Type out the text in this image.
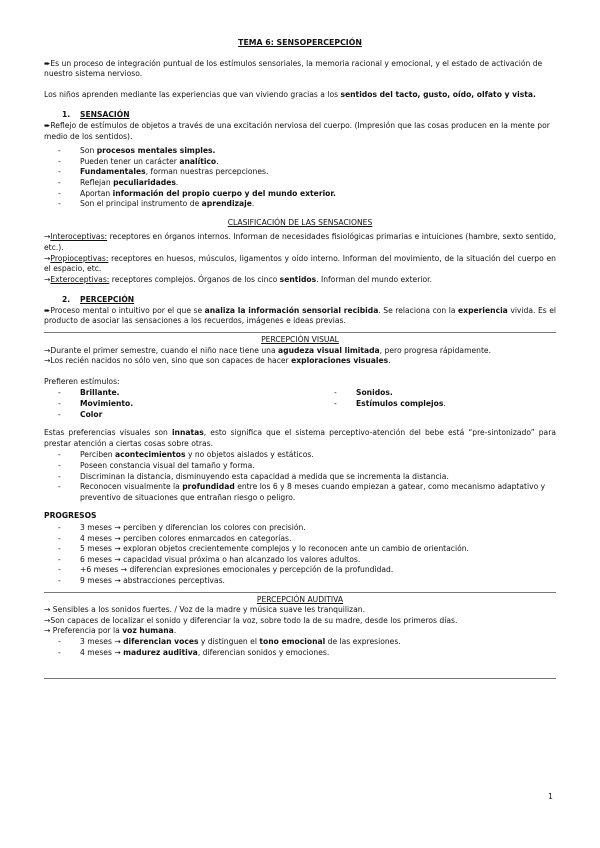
TEMA 6: SENSOPERCEPCIÓN

➨Es un proceso de integración puntual de los estímulos sensoriales, la memoria racional y emocional, y el estado de activación de nuestro sistema nervioso.

Los niños aprenden mediante las experiencias que van viviendo gracias a los sentidos del tacto, gusto, oído, olfato y vista.

1. SENSACIÓN

➨Reflejo de estímulos de objetos a través de una excitación nerviosa del cuerpo. (Impresión que las cosas producen en la mente por medio de los sentidos).

- Son procesos mentales simples.
- Pueden tener un carácter analítico.
- Fundamentales, forman nuestras percepciones.
- Reflejan peculiaridades.
- Aportan información del propio cuerpo y del mundo exterior.
- Son el principal instrumento de aprendizaje.

CLASIFICACIÓN DE LAS SENSACIONES

→Interoceptivas: receptores en órganos internos. Informan de necesidades fisiológicas primarias e intuiciones (hambre, sexto sentido, etc.).

→Propioceptivas: receptores en huesos, músculos, ligamentos y oído interno. Informan del movimiento, de la situación del cuerpo en el espacio, etc.

→Exteroceptivas: receptores complejos. Órganos de los cinco sentidos. Informan del mundo exterior.

2. PERCEPCIÓN

➨Proceso mental o intuitivo por el que se analiza la información sensorial recibida. Se relaciona con la experiencia vivida. Es el producto de asociar las sensaciones a los recuerdos, imágenes e ideas previas.

PERCEPCIÓN VISUAL

→Durante el primer semestre, cuando el niño nace tiene una agudeza visual limitada, pero progresa rápidamente.

→Los recién nacidos no sólo ven, sino que son capaces de hacer exploraciones visuales.

Prefieren estímulos:

- Brillante.
- Movimiento.
- Color
- Sonidos.
- Estímulos complejos.

Estas preferencias visuales son innatas, esto significa que el sistema perceptivo-atención del bebe está “pre-sintonizado” para prestar atención a ciertas cosas sobre otras.

- Perciben acontecimientos y no objetos aislados y estáticos.
- Poseen constancia visual del tamaño y forma.
- Discriminan la distancia, disminuyendo esta capacidad a medida que se incrementa la distancia.
- Reconocen visualmente la profundidad entre los 6 y 8 meses cuando empiezan a gatear, como mecanismo adaptativo y preventivo de situaciones que entrañan riesgo o peligro.

PROGRESOS

- 3 meses → perciben y diferencian los colores con precisión.
- 4 meses → perciben colores enmarcados en categorías.
- 5 meses → exploran objetos crecientemente complejos y lo reconocen ante un cambio de orientación.
- 6 meses → capacidad visual próxima o han alcanzado los valores adultos.
- +6 meses → diferencian expresiones emocionales y percepción de la profundidad.
- 9 meses → abstracciones perceptivas.

PERCEPCIÓN AUDITIVA

→ Sensibles a los sonidos fuertes. / Voz de la madre y música suave les tranquilizan.

→Son capaces de localizar el sonido y diferenciar la voz, sobre todo la de su madre, desde los primeros días.

→ Preferencia por la voz humana.

- 3 meses → diferencian voces y distinguen el tono emocional de las expresiones.
- 4 meses → madurez auditiva, diferencian sonidos y emociones.
1
